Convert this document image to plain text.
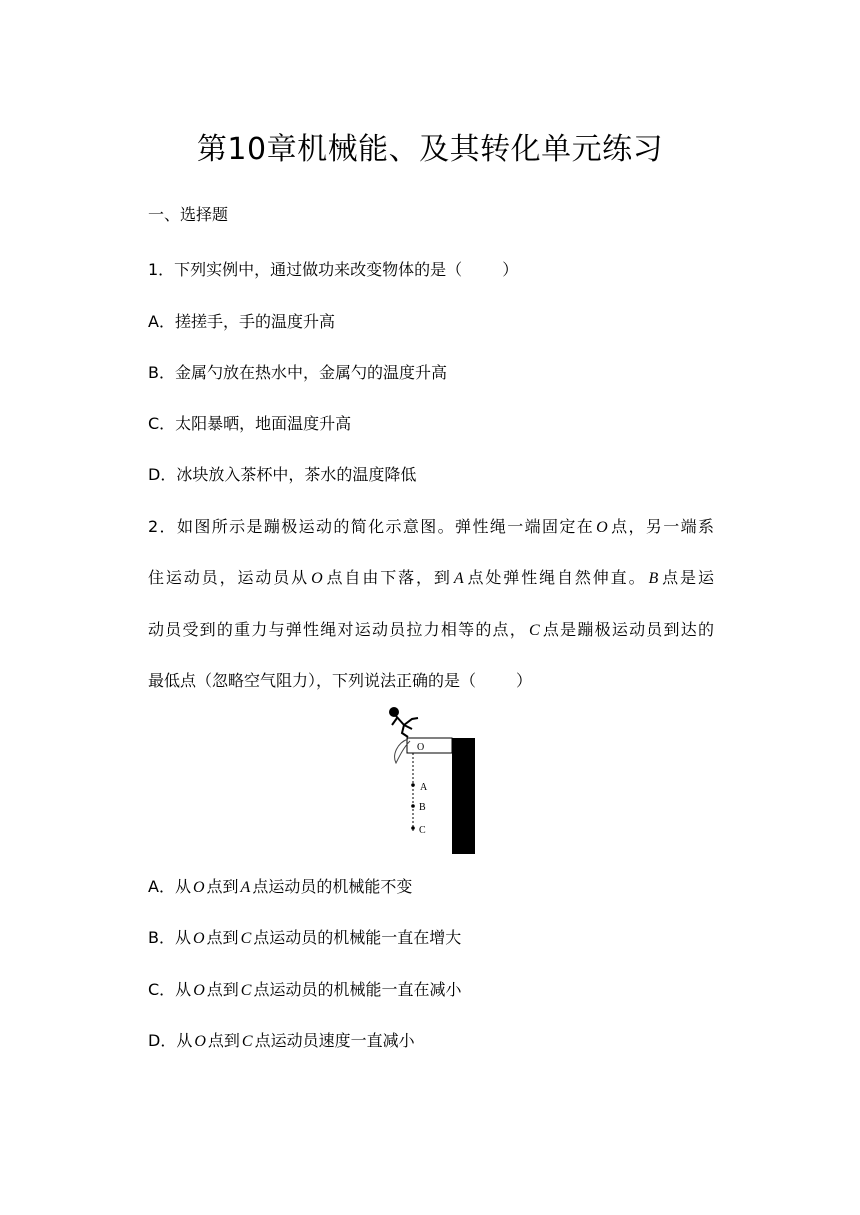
第10章机械能、及其转化单元练习
一、选择题
1．下列实例中，通过做功来改变物体的是（	）
A．搓搓手，手的温度升高
B．金属勺放在热水中，金属勺的温度升高
C．太阳暴晒，地面温度升高
D．冰块放入茶杯中，茶水的温度降低
2．如图所示是蹦极运动的简化示意图。弹性绳一端固定在 O 点，另一端系
住运动员，运动员从 O 点自由下落，到 A 点处弹性绳自然伸直。 B 点是运
动员受到的重力与弹性绳对运动员拉力相等的点， C 点是蹦极运动员到达的
最低点（忽略空气阻力），下列说法正确的是（	）
O
A
B
C
A．从 O 点到 A 点运动员的机械能不变
B．从 O 点到 C 点运动员的机械能一直在增大
C．从 O 点到 C 点运动员的机械能一直在减小
D．从 O 点到 C 点运动员速度一直减小
